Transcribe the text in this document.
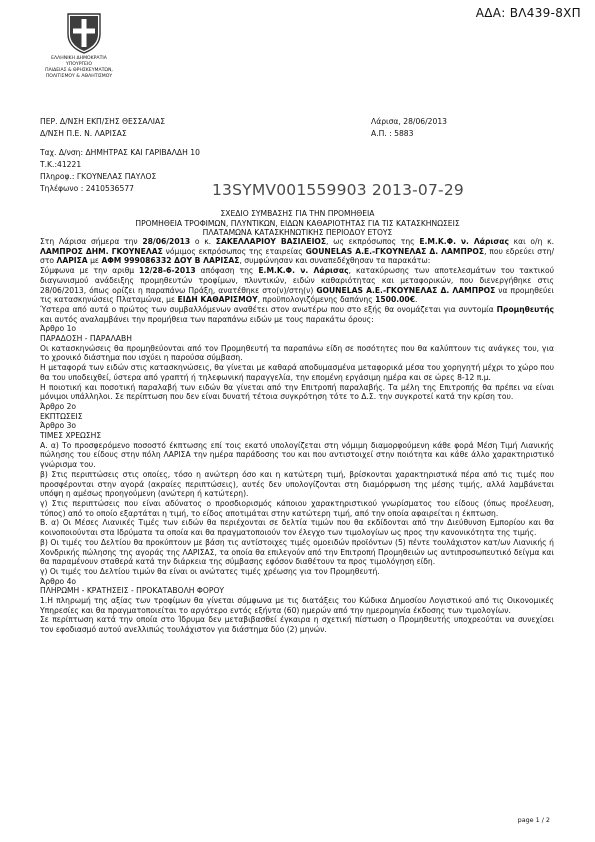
ΑΔΑ: ΒΛ439-8ΧΠ
ΕΛΛΗΝΙΚΗ ΔΗΜΟΚΡΑΤΙΑ
ΥΠΟΥΡΓΕΙΟ
ΠΑΙΔΕΙΑΣ & ΘΡΗΣΚΕΥΜΑΤΩΝ,
ΠΟΛΙΤΙΣΜΟΥ & ΑΘΛΗΤΙΣΜΟΥ
ΠΕΡ. Δ/ΝΣΗ ΕΚΠ/ΣΗΣ ΘΕΣΣΑΛΙΑΣ
Δ/ΝΣΗ Π.Ε. Ν. ΛΑΡΙΣΑΣ
Λάρισα, 28/06/2013
Α.Π. : 5883
Ταχ. Δ/νση: ΔΗΜΗΤΡΑΣ ΚΑΙ ΓΑΡΙΒΑΛΔΗ 10
Τ.Κ.:41221
Πληροφ.: ΓΚΟΥΝΕΛΑΣ ΠΑΥΛΟΣ
Τηλέφωνο : 2410536577	13SYMV001559903 2013-07-29
ΣΧΕΔΙΟ ΣΥΜΒΑΣΗΣ ΓΙΑ ΤΗΝ ΠΡΟΜΗΘΕΙΑ
ΠΡΟΜΗΘΕΙΑ ΤΡΟΦΙΜΩΝ, ΠΛΥΝΤΙΚΩΝ, ΕΙΔΩΝ ΚΑΘΑΡΙΟΤΗΤΑΣ ΓΙΑ ΤΙΣ ΚΑΤΑΣΚΗΝΩΣΕΙΣ
ΠΛΑΤΑΜΩΝΑ ΚΑΤΑΣΚΗΝΩΤΙΚΗΣ ΠΕΡΙΟΔΟΥ ΕΤΟΥΣ

Στη Λάρισα σήμερα την 28/06/2013 ο κ. ΣΑΚΕΛΛΑΡΙΟΥ ΒΑΣΙΛΕΙΟΣ, ως εκπρόσωπος της Ε.Μ.Κ.Φ. ν. Λάρισας και ο/η κ. ΛΑΜΠΡΟΣ ΔΗΜ. ΓΚΟΥΝΕΛΑΣ νόμιμος εκπρόσωπος της εταιρείας GOUNELAS Α.Ε.-ΓΚΟΥΝΕΛΑΣ Δ. ΛΑΜΠΡΟΣ, που εδρεύει στη/στο ΛΑΡΙΣΑ με ΑΦΜ 999086332 ΔΟΥ Β ΛΑΡΙΣΑΣ, συμφώνησαν και συναπεδέχθησαν τα παρακάτω:

Σύμφωνα με την αριθμ 12/28-6-2013 απόφαση της Ε.Μ.Κ.Φ. ν. Λάρισας, κατακύρωσης των αποτελεσμάτων του τακτικού διαγωνισμού ανάδειξης προμηθευτών τροφίμων, πλυντικών, ειδών καθαριότητας και μεταφορικών, που διενεργήθηκε στις 28/06/2013, όπως ορίζει η παραπάνω Πράξη, ανατέθηκε στο(ν)/στη(ν) GOUNELAS Α.Ε.-ΓΚΟΥΝΕΛΑΣ Δ. ΛΑΜΠΡΟΣ να προμηθεύει τις κατασκηνώσεις Πλαταμώνα, με ΕΙΔΗ ΚΑΘΑΡΙΣΜΟΥ, προϋπολογιζόμενης δαπάνης 1500.00€.

Ύστερα από αυτά ο πρώτος των συμβαλλόμενων αναθέτει στον ανωτέρω που στο εξής θα ονομάζεται για συντομία Προμηθευτής και αυτός αναλαμβάνει την προμήθεια των παραπάνω ειδών με τους παρακάτω όρους:

Άρθρο 1ο

ΠΑΡΑΔΟΣΗ - ΠΑΡΑΛΑΒΗ

Οι κατασκηνώσεις θα προμηθεύονται από τον Προμηθευτή τα παραπάνω είδη σε ποσότητες που θα καλύπτουν τις ανάγκες του, για το χρονικό διάστημα που ισχύει η παρούσα σύμβαση.

Η μεταφορά των ειδών στις κατασκηνώσεις, θα γίνεται με καθαρά αποδυμασμένα μεταφορικά μέσα του χορηγητή μέχρι το χώρο που θα του υποδειχθεί, ύστερα από γραπτή ή τηλεφωνική παραγγελία, την επομένη εργάσιμη ημέρα και σε ώρες 8-12 π.μ.

Η ποιοτική και ποσοτική παραλαβή των ειδών θα γίνεται από την Επιτροπή παραλαβής. Τα μέλη της Επιτροπής θα πρέπει να είναι μόνιμοι υπάλληλοι. Σε περίπτωση που δεν είναι δυνατή τέτοια συγκρότηση τότε το Δ.Σ. την συγκροτεί κατά την κρίση του.

Άρθρο 2ο

ΕΚΠΤΩΣΕΙΣ

Άρθρο 3ο

ΤΙΜΕΣ ΧΡΕΩΣΗΣ

Α. α) Το προσφερόμενο ποσοστό έκπτωσης επί τοις εκατό υπολογίζεται στη νόμιμη διαμορφούμενη κάθε φορά Μέση Τιμή Λιανικής πώλησης του είδους στην πόλη ΛΑΡΙΣΑ την ημέρα παράδοσης του και που αντιστοιχεί στην ποιότητα και κάθε άλλο χαρακτηριστικό γνώρισμα του.

β) Στις περιπτώσεις στις οποίες, τόσο η ανώτερη όσο και η κατώτερη τιμή, βρίσκονται χαρακτηριστικά πέρα από τις τιμές που προσφέρονται στην αγορά (ακραίες περιπτώσεις), αυτές δεν υπολογίζονται στη διαμόρφωση της μέσης τιμής, αλλά λαμβάνεται υπόψη η αμέσως προηγούμενη (ανώτερη ή κατώτερη).

γ) Στις περιπτώσεις που είναι αδύνατος ο προσδιορισμός κάποιου χαρακτηριστικού γνωρίσματος του είδους (όπως προέλευση, τύπος) από το οποίο εξαρτάται η τιμή, το είδος αποτιμάται στην κατώτερη τιμή, από την οποία αφαιρείται η έκπτωση.

Β. α) Οι Μέσες Λιανικές Τιμές των ειδών θα περιέχονται σε δελτία τιμών που θα εκδίδονται από την Διεύθυνση Εμπορίου και θα κοινοποιούνται στα Ιδρύματα τα οποία και θα πραγματοποιούν τον έλεγχο των τιμολογίων ως προς την κανονικότητα της τιμής.

β) Οι τιμές του Δελτίου θα προκύπτουν με βάση τις αντίστοιχες τιμές ομοειδών προϊόντων (5) πέντε τουλάχιστον κατ/ων Λιανικής ή Χονδρικής πώλησης της αγοράς της ΛΑΡΙΣΑΣ, τα οποία θα επιλεγούν από την Επιτροπή Προμηθειών ως αντιπροσωπευτικό δείγμα και θα παραμένουν σταθερά κατά την διάρκεια της σύμβασης εφόσον διαθέτουν τα προς τιμολόγηση είδη.

γ) Οι τιμές του Δελτίου τιμών θα είναι οι ανώτατες τιμές χρέωσης για τον Προμηθευτή.

Άρθρο 4ο

ΠΛΗΡΩΜΗ - ΚΡΑΤΗΣΕΙΣ - ΠΡΟΚΑΤΑΒΟΛΗ ΦΟΡΟΥ

1.Η πληρωμή της αξίας των τροφίμων θα γίνεται σύμφωνα με τις διατάξεις του Κώδικα Δημοσίου Λογιστικού από τις Οικονομικές Υπηρεσίες και θα πραγματοποιείται το αργότερο εντός εξήντα (60) ημερών από την ημερομηνία έκδοσης των τιμολογίων.

Σε περίπτωση κατά την οποία στο Ίδρυμα δεν μεταβιβασθεί έγκαιρα η σχετική πίστωση ο Προμηθευτής υποχρεούται να συνεχίσει τον εφοδιασμό αυτού ανελλιπώς τουλάχιστον για διάστημα δύο (2) μηνών.

page 1 / 2
